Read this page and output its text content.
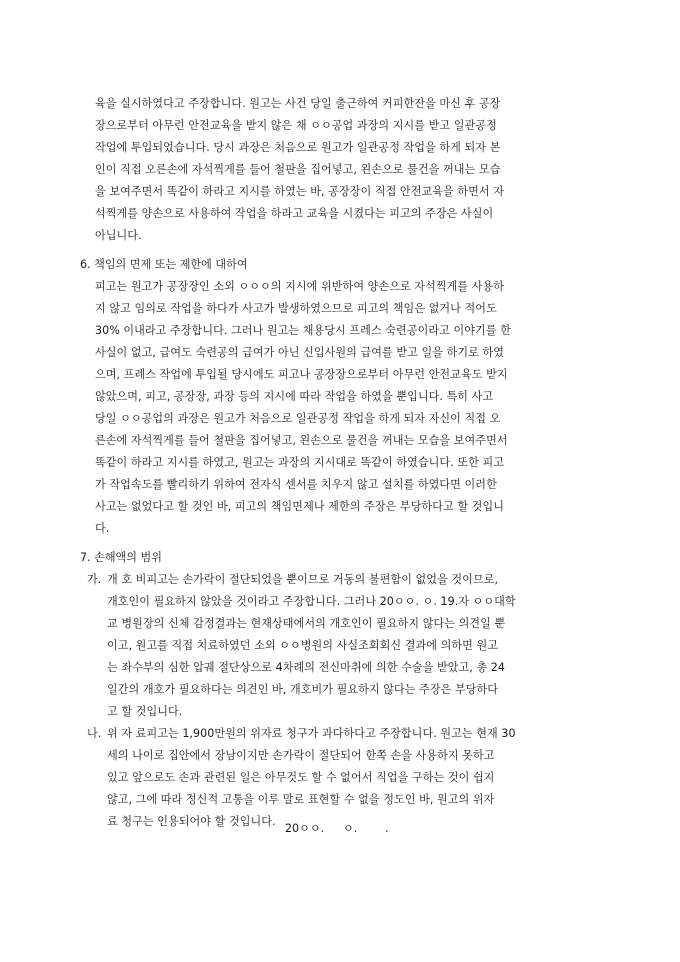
육을 실시하였다고 주장합니다. 원고는 사건 당일 출근하여 커피한잔을 마신 후 공장
장으로부터 아무런 안전교육을 받지 않은 채 ㅇㅇ공업 과장의 지시를 받고 일관공정
작업에 투입되었습니다. 당시 과장은 처음으로 원고가 일관공정 작업을 하게 되자 본
인이 직접 오른손에 자석찍게를 들어 철판을 집어넣고, 왼손으로 물건을 꺼내는 모습
을 보여주면서 똑같이 하라고 지시를 하였는 바, 공장장이 직접 안전교육을 하면서 자
석찍게를 양손으로 사용하여 작업을 하라고 교육을 시켰다는 피고의 주장은 사실이
아닙니다.
6. 책임의 면제 또는 제한에 대하여
피고는 원고가 공장장인 소외 ㅇㅇㅇ의 지시에 위반하여 양손으로 자석찍게를 사용하
지 않고 임의로 작업을 하다가 사고가 발생하였으므로 피고의 책임은 없거나 적어도
30% 이내라고 주장합니다. 그러나 원고는 채용당시 프레스 숙련공이라고 이야기를 한
사실이 없고, 급여도 숙련공의 급여가 아닌 신입사원의 급여를 받고 일을 하기로 하였
으며, 프레스 작업에 투입될 당시에도 피고나 공장장으로부터 아무런 안전교육도 받지
않았으며, 피고, 공장장, 과장 등의 지시에 따라 작업을 하였을 뿐입니다. 특히 사고
당일 ㅇㅇ공업의 과장은 원고가 처음으로 일관공정 작업을 하게 되자 자신이 직접 오
른손에 자석찍게를 들어 철판을 집어넣고, 왼손으로 물건을 꺼내는 모습을 보여주면서
똑같이 하라고 지시를 하였고, 원고는 과장의 지시대로 똑같이 하였습니다. 또한 피고
가 작업속도를 빨리하기 위하여 전자식 센서를 치우지 않고 설치를 하였다면 이러한
사고는 없었다고 할 것인 바, 피고의 책임면제나 제한의 주장은 부당하다고 할 것입니
다.
7. 손해액의 범위
가. 개 호 비피고는 손가락이 절단되었을 뿐이므로 거동의 불편함이 없었을 것이므로,
개호인이 필요하지 않았을 것이라고 주장합니다. 그러나 20ㅇㅇ. ㅇ. 19.자 ㅇㅇ대학
교 병원장의 신체 감정결과는 현재상태에서의 개호인이 필요하지 않다는 의견일 뿐
이고, 원고를 직접 치료하였던 소외 ㅇㅇ병원의 사실조회회신 결과에 의하면 원고
는 좌수부의 심한 압궤 절단상으로 4차례의 전신마취에 의한 수술을 받았고, 총 24
일간의 개호가 필요하다는 의견인 바, 개호비가 필요하지 않다는 주장은 부당하다
고 할 것입니다.
나. 위 자 료피고는 1,900만원의 위자료 청구가 과다하다고 주장합니다. 원고는 현재 30
세의 나이로 집안에서 장남이지만 손가락이 절단되어 한쪽 손을 사용하지 못하고
있고 앞으로도 손과 관련된 일은 아무것도 할 수 없어서 직업을 구하는 것이 쉽지
않고, 그에 따라 정신적 고통을 이루 말로 표현할 수 없을 정도인 바, 원고의 위자
료 청구는 인용되어야 할 것입니다.
20ㅇㅇ. ㅇ.	.
